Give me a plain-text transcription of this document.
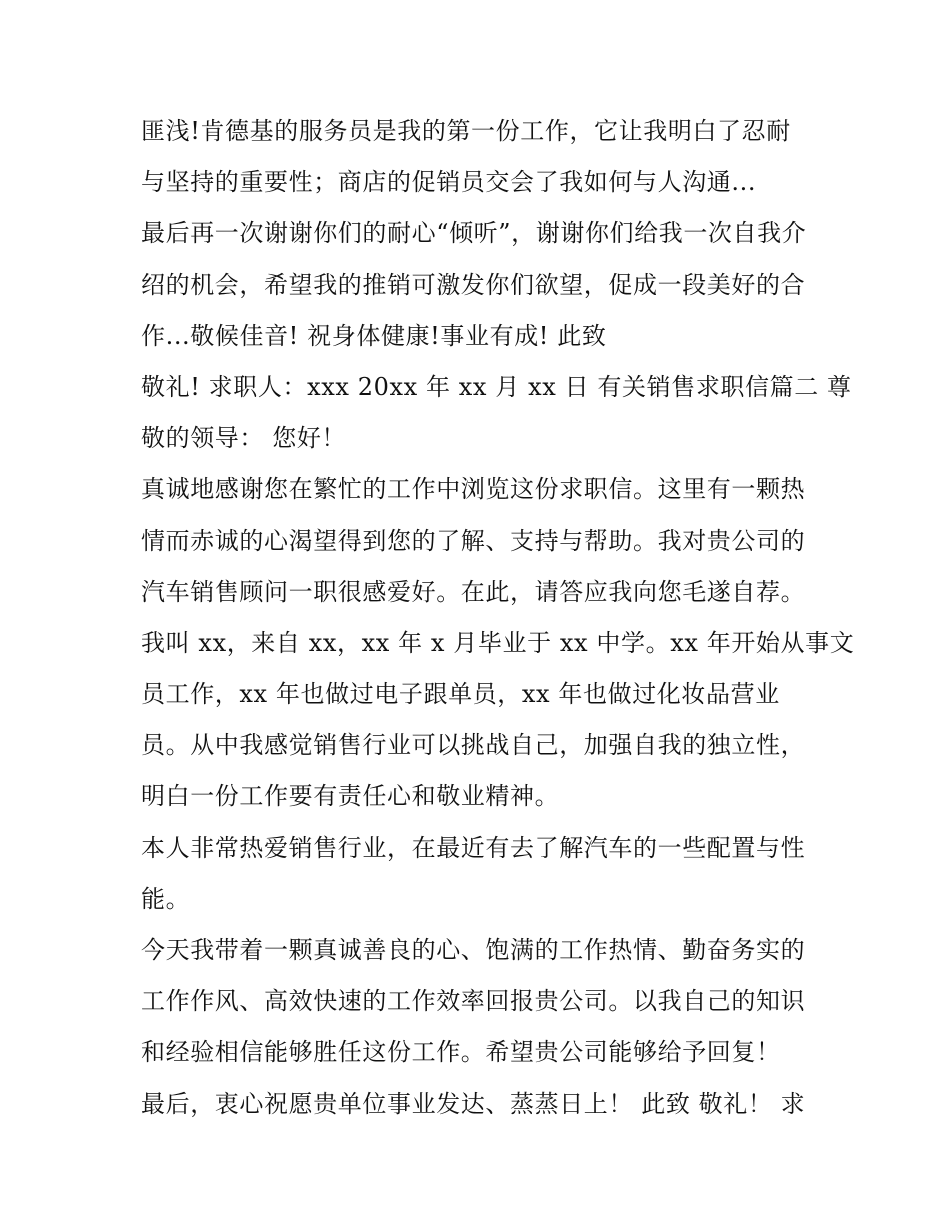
匪浅!肯德基的服务员是我的第一份工作，它让我明白了忍耐
与坚持的重要性；商店的促销员交会了我如何与人沟通...
最后再一次谢谢你们的耐心“倾听”，谢谢你们给我一次自我介
绍的机会，希望我的推销可激发你们欲望，促成一段美好的合
作...敬候佳音! 祝身体健康!事业有成! 此致
敬礼! 求职人：xxx 20xx 年 xx 月 xx 日 有关销售求职信篇二 尊
敬的领导： 您好！
真诚地感谢您在繁忙的工作中浏览这份求职信。这里有一颗热
情而赤诚的心渴望得到您的了解、支持与帮助。我对贵公司的
汽车销售顾问一职很感爱好。在此，请答应我向您毛遂自荐。
我叫 xx，来自 xx，xx 年 x 月毕业于 xx 中学。xx 年开始从事文
员工作，xx 年也做过电子跟单员，xx 年也做过化妆品营业
员。从中我感觉销售行业可以挑战自己，加强自我的独立性，
明白一份工作要有责任心和敬业精神。
本人非常热爱销售行业，在最近有去了解汽车的一些配置与性
能。
今天我带着一颗真诚善良的心、饱满的工作热情、勤奋务实的
工作作风、高效快速的工作效率回报贵公司。以我自己的知识
和经验相信能够胜任这份工作。希望贵公司能够给予回复！
最后，衷心祝愿贵单位事业发达、蒸蒸日上！ 此致 敬礼！ 求
